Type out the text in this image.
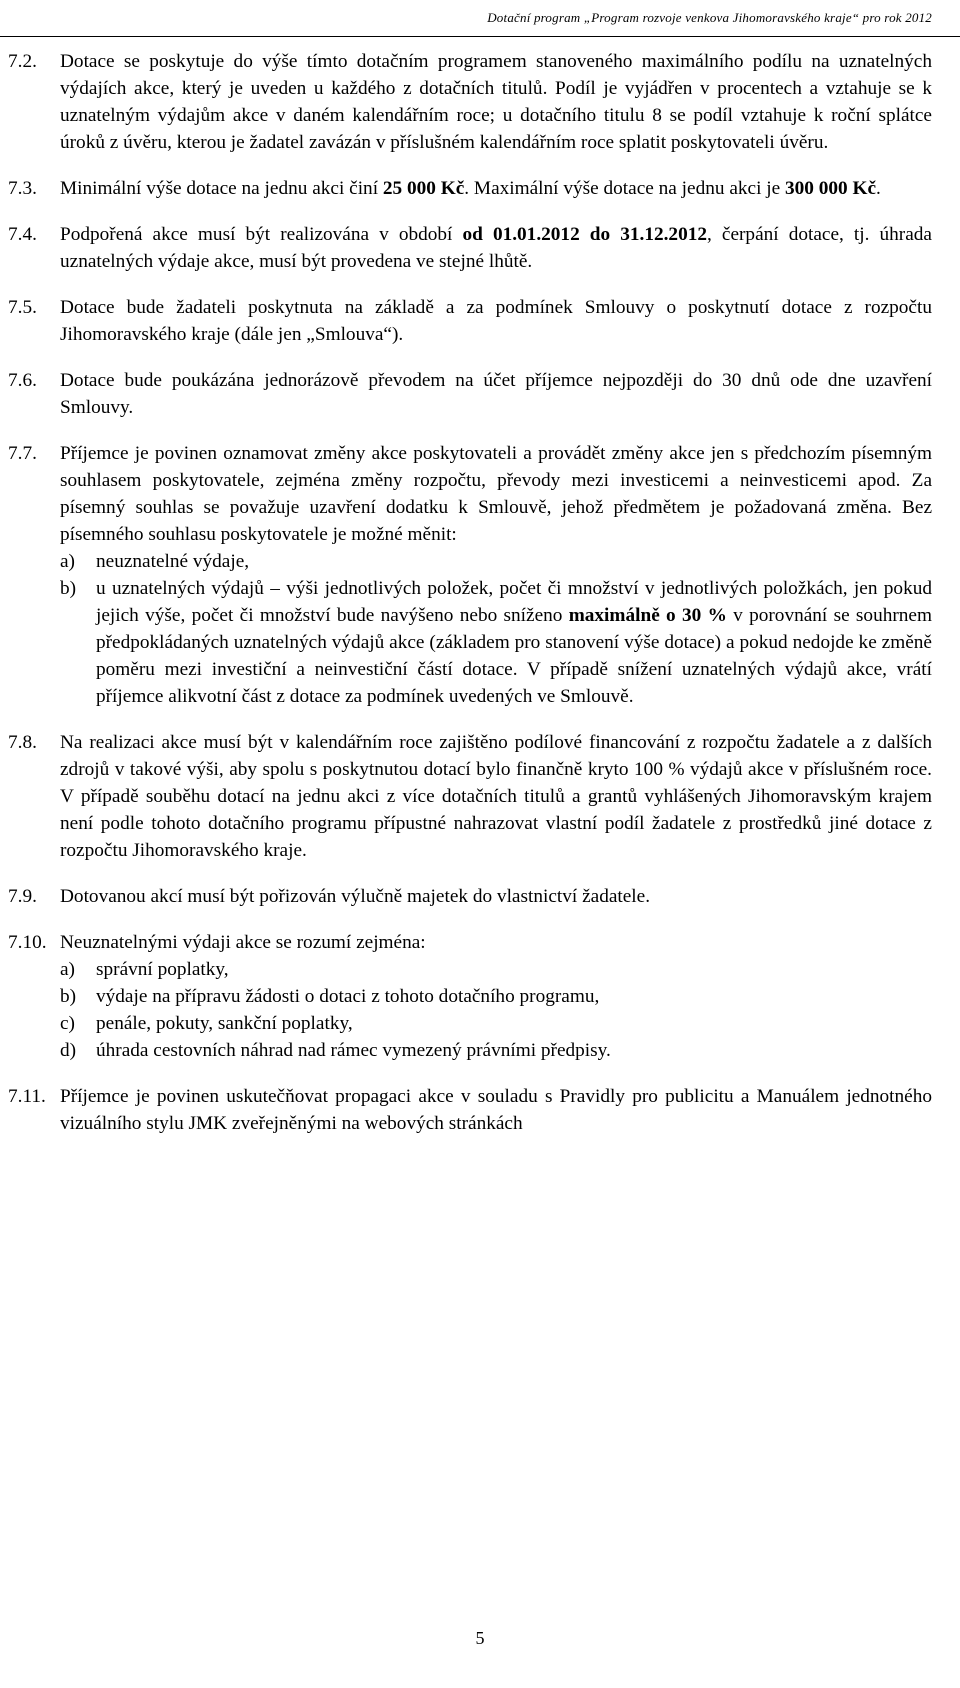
Dotační program „Program rozvoje venkova Jihomoravského kraje“ pro rok 2012
7.2.	Dotace se poskytuje do výše tímto dotačním programem stanoveného maximálního podílu na uznatelných výdajích akce, který je uveden u každého z dotačních titulů. Podíl je vyjádřen v procentech a vztahuje se k uznatelným výdajům akce v daném kalendářním roce; u dotačního titulu 8 se podíl vztahuje k roční splátce úroků z úvěru, kterou je žadatel zavázán v příslušném kalendářním roce splatit poskytovateli úvěru.

7.3.	Minimální výše dotace na jednu akci činí 25 000 Kč. Maximální výše dotace na jednu akci je 300 000 Kč.

7.4.	Podpořená akce musí být realizována v období od 01.01.2012 do 31.12.2012, čerpání dotace, tj. úhrada uznatelných výdaje akce, musí být provedena ve stejné lhůtě.

7.5.	Dotace bude žadateli poskytnuta na základě a za podmínek Smlouvy o poskytnutí dotace z rozpočtu Jihomoravského kraje (dále jen „Smlouva“).

7.6.	Dotace bude poukázána jednorázově převodem na účet příjemce nejpozději do 30 dnů ode dne uzavření Smlouvy.

7.7.	Příjemce je povinen oznamovat změny akce poskytovateli a provádět změny akce jen s předchozím písemným souhlasem poskytovatele, zejména změny rozpočtu, převody mezi investicemi a neinvesticemi apod. Za písemný souhlas se považuje uzavření dodatku k Smlouvě, jehož předmětem je požadovaná změna. Bez písemného souhlasu poskytovatele je možné měnit:

a)	neuznatelné výdaje,
b)	u uznatelných výdajů – výši jednotlivých položek, počet či množství v jednotlivých položkách, jen pokud jejich výše, počet či množství bude navýšeno nebo sníženo maximálně o 30 % v porovnání se souhrnem předpokládaných uznatelných výdajů akce (základem pro stanovení výše dotace) a pokud nedojde ke změně poměru mezi investiční a neinvestiční částí dotace. V případě snížení uznatelných výdajů akce, vrátí příjemce alikvotní část z dotace za podmínek uvedených ve Smlouvě.
7.8.	Na realizaci akce musí být v kalendářním roce zajištěno podílové financování z rozpočtu žadatele a z dalších zdrojů v takové výši, aby spolu s poskytnutou dotací bylo finančně kryto 100 % výdajů akce v příslušném roce. V případě souběhu dotací na jednu akci z více dotačních titulů a grantů vyhlášených Jihomoravským krajem není podle tohoto dotačního programu přípustné nahrazovat vlastní podíl žadatele z prostředků jiné dotace z rozpočtu Jihomoravského kraje.

7.9.	Dotovanou akcí musí být pořizován výlučně majetek do vlastnictví žadatele.

7.10. Neuznatelnými výdaji akce se rozumí zejména:

a)	správní poplatky,
b)	výdaje na přípravu žádosti o dotaci z tohoto dotačního programu,
c)	penále, pokuty, sankční poplatky,
d)	úhrada cestovních náhrad nad rámec vymezený právními předpisy.
7.11. Příjemce je povinen uskutečňovat propagaci akce v souladu s Pravidly pro publicitu a Manuálem jednotného vizuálního stylu JMK zveřejněnými na webových stránkách

5
